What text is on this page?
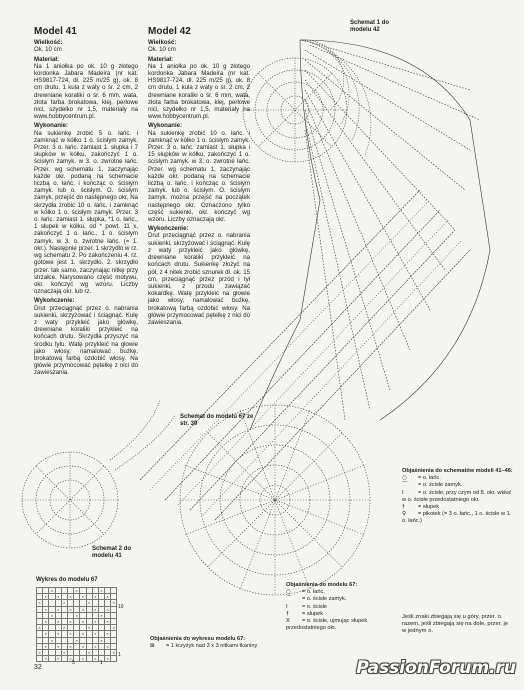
Model 41
Wielkość:
Ok. 10 cm
Materiał:
Na 1 aniołka po ok. 10 g złotego kordonka Jabara Madeira (nr kat. HS9817-724, dł. 225 m/25 g), ok. 8 cm drutu, 1 kula z waty o śr. 2 cm, 2 drewniane koraliki o śr. 6 mm, wata, złota farba brokatowa, klej, perłowe nici, szydełko nr 1,5, materiały na www.hobbycentrum.pl.
Wykonanie:
Na sukienkę zrobić 5 o. łańc. i zamknąć w kółko 1 o. ścisłym zamyk. Przer. 3 o. łańc. zamiast 1. słupka i 7 słupków w kółku, zakończyć 1 o. ścisłym zamyk. w 3. o. zwrotne łańc. Przer. wg schematu 1, zaczynając każde okr. podaną na schemacie liczbą o. łańc. i kończąc o. ścisłym zamyk. lub o. ścisłym. O. ścisłym zamyk. przejść do następnego okr. Na skrzydła zrobić 10 o. łańc. i zamknąć w kółko 1 o. ścisłym zamyk. Przer. 3 o. łańc. zamiast 1. słupka, *1 o. łańc., 1 słupek w kółku, od * powt. 11 x, zakończyć 1 o. łańc., 1 o. ścisłym zamyk. w 3. o. zwrotne łańc. (= 1. okr.). Następnie przer. 1 skrzydło w rz. wg schematu 2. Po zakończeniu 4. rz. gotowe jest 1. skrzydło. 2. skrzydło przer. tak samo, zaczynając nitkę przy strzałce. Narysowano część motywu, okr. kończyć wg wzoru. Liczby oznaczają okr. lub rz.
Wykończenie:
Drut przeciągnąć przez o. nabrania sukienki, skrzyżować i ściągnąć. Kulę z waty przykleić jako główkę, drewniane koraliki przykleić na końcach drutu. Skrzydła przyszyć na środku tyłu. Watę przykleić na głowie jako włosy, namalować bużkę, brokatową farbą ozdobić włosy. Na główie przymocować pętelkę z nici do zawieszania.
Model 42
Wielkość:
Ok. 10 cm
Materiał:
Na 1 aniołka po ok. 10 g złotego kordonka Jabara Madeira (nr kat. HS9817-724, dł. 225 m/25 g), ok. 8 cm drutu, 1 kula z waty o śr. 2 cm, 2 drewniane koraliki o śr. 6 mm, wata, złota farba brokatowa, klej, perłowe nici, szydełko nr 1,5, materiały na www.hobbycentrum.pl.
Wykonanie:
Na sukienkę zrobić 10 o. łańc. i zamknąć w kółko 1 o. ścisłym zamyk. Przer. 3 o. łańc. zamiast 1. słupka i 15 słupków w kółku, zakończyć 1 o. ścisłym zamyk. w 3. o. zwrotne łańc. Przer. wg schematu 1, zaczynając każde okr. podaną na schemacie liczbą o. łańc. i kończąc o. ścisłym zamyk. lub o. ścisłym. O. ścisłym zamyk. można przejść na początek następnego okr. Oznaczono tylko część sukienki, okr. kończyć wg wzoru. Liczby oznaczają okr.
Wykończenie:
Drut przeciągnąć przez o. nabrania sukienki, skrzyżować i ściągnąć. Kulę z waty przykleić jako główkę, drewniane koraliki przykleić na końcach drutu. Sukienkę złożyć na pół, z 4 nitek zrobić sznurek dł. ok. 15 cm, przeciągnąć przez przód i tył sukienki, z przodu zawiązać kokardkę. Watę przykleić na głowie jako włosy, namalować bużkę, brokatową farbą ozdobić włosy. Na główie przymocować pętelkę z nici do zawieszania.
Schemat 1 do modelu 42
Schemat do modelu 67 ze str. 39
Schemat 2 do modelu 41
Objaśnienia do schematów modeli 41–46:
○ = o. łańc.
⌒ = o. ścisłe zamyk.
I	= o. ścisłe, przy czym od 8. okr. wkłuć w o. ścisłe przedostatniego okr.
† = słupek
♀ = pikotek (= 3 o. łańc., 1 o. ścisłe w 1. o. łańc.)
Objaśnienia do modelu 67:
○ = o. łańc.
⌒ = o. ścisłe zamyk.
I	= o. ścisłe
† = słupek
X = o. ścisłe, ujmując słupek przedostatniego okr.
Wykres do modelu 67
		×				×				×		
	×		×		×		×		×		×	
×				×				×				×
	×		×		×		×		×		×	
		×				×				×		
	×		×		×		×		×		×	
×				×				×				×
	×		×		×		×		×		×	
		×				×				×		
	×		×		×		×		×		×	
×				×				×				×
	×		×		×		×		×		×	
10
1
5	1
Objaśnienia do wykresu modelu 67:
⊠ = 1 krzyżyk nad 3 x 3 nitkami tkaniny
Jeśli znaki zbiegają się u góry, przer. o. razem, jeśli zbiegają się na dole, przer. je w jednym o.
32	PassionForum.ru
